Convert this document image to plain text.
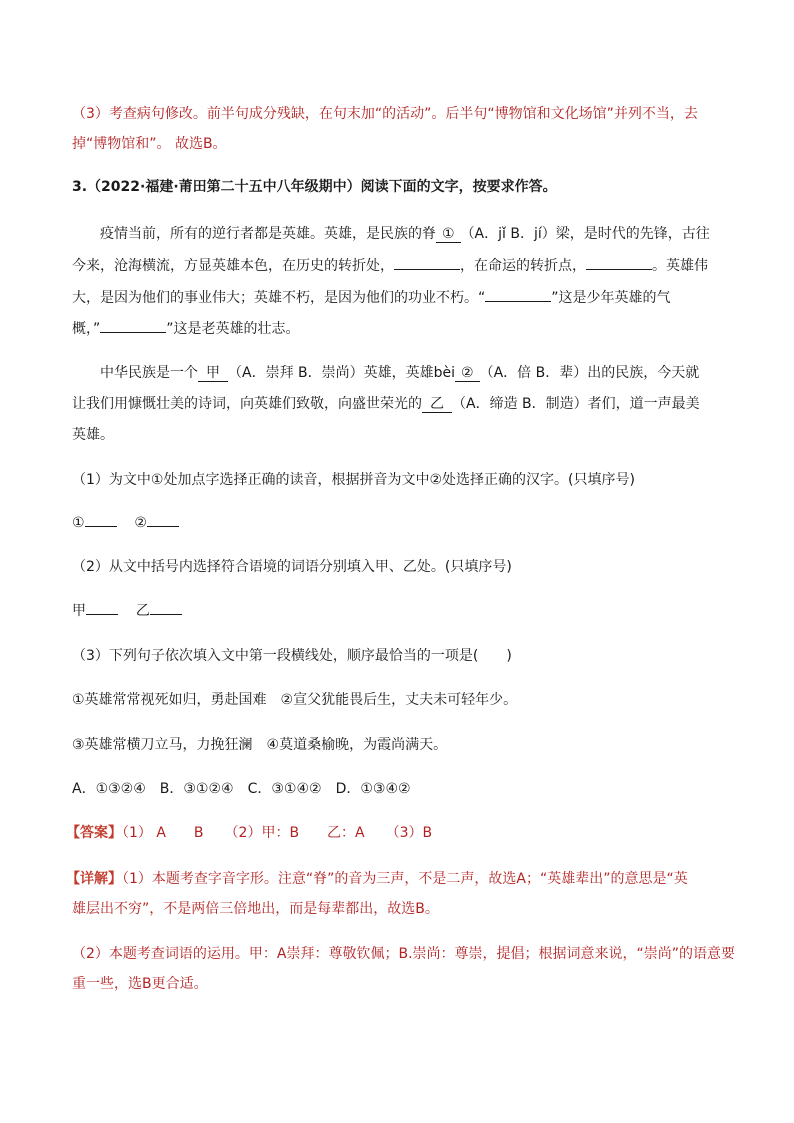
（3）考查病句修改。前半句成分残缺，在句末加“的活动”。后半句“博物馆和文化场馆”并列不当，去
掉“博物馆和”。 故选B。
3.（2022·福建·莆田第二十五中八年级期中）阅读下面的文字，按要求作答。
疫情当前，所有的逆行者都是英雄。英雄，是民族的脊 ① （A．jǐ B．jí）梁，是时代的先锋，古往
今来，沧海横流，方显英雄本色，在历史的转折处，	，在命运的转折点，	。英雄伟
大，是因为他们的事业伟大；英雄不朽，是因为他们的功业不朽。“	”这是少年英雄的气
概，”	”这是老英雄的壮志。
中华民族是一个 甲 （A．崇拜 B．崇尚）英雄，英雄bèi ② （A．倍 B．辈）出的民族，今天就
让我们用慷慨壮美的诗词，向英雄们致敬，向盛世荣光的 乙 （A．缔造 B．制造）者们，道一声最美
英雄。
（1）为文中①处加点字选择正确的读音，根据拼音为文中②处选择正确的汉字。(只填序号)
①	②
（2）从文中括号内选择符合语境的词语分别填入甲、乙处。(只填序号)
甲	乙
（3）下列句子依次填入文中第一段横线处，顺序最恰当的一项是(　　)
①英雄常常视死如归，勇赴国难　②宣父犹能畏后生，丈夫未可轻年少。
③英雄常横刀立马，力挽狂澜　④莫道桑榆晚，为霞尚满天。
A．①③②④　B．③①②④　C．③①④②　D．①③④②
【答案】（1） A　　B　　（2）甲：B　　乙：A　　（3）B
【详解】（1）本题考查字音字形。注意“脊”的音为三声，不是二声，故选A；“英雄辈出”的意思是“英
雄层出不穷”，不是两倍三倍地出，而是每辈都出，故选B。
（2）本题考查词语的运用。甲：A崇拜：尊敬钦佩；B.崇尚：尊崇，提倡；根据词意来说，“崇尚”的语意要
重一些，选B更合适。
